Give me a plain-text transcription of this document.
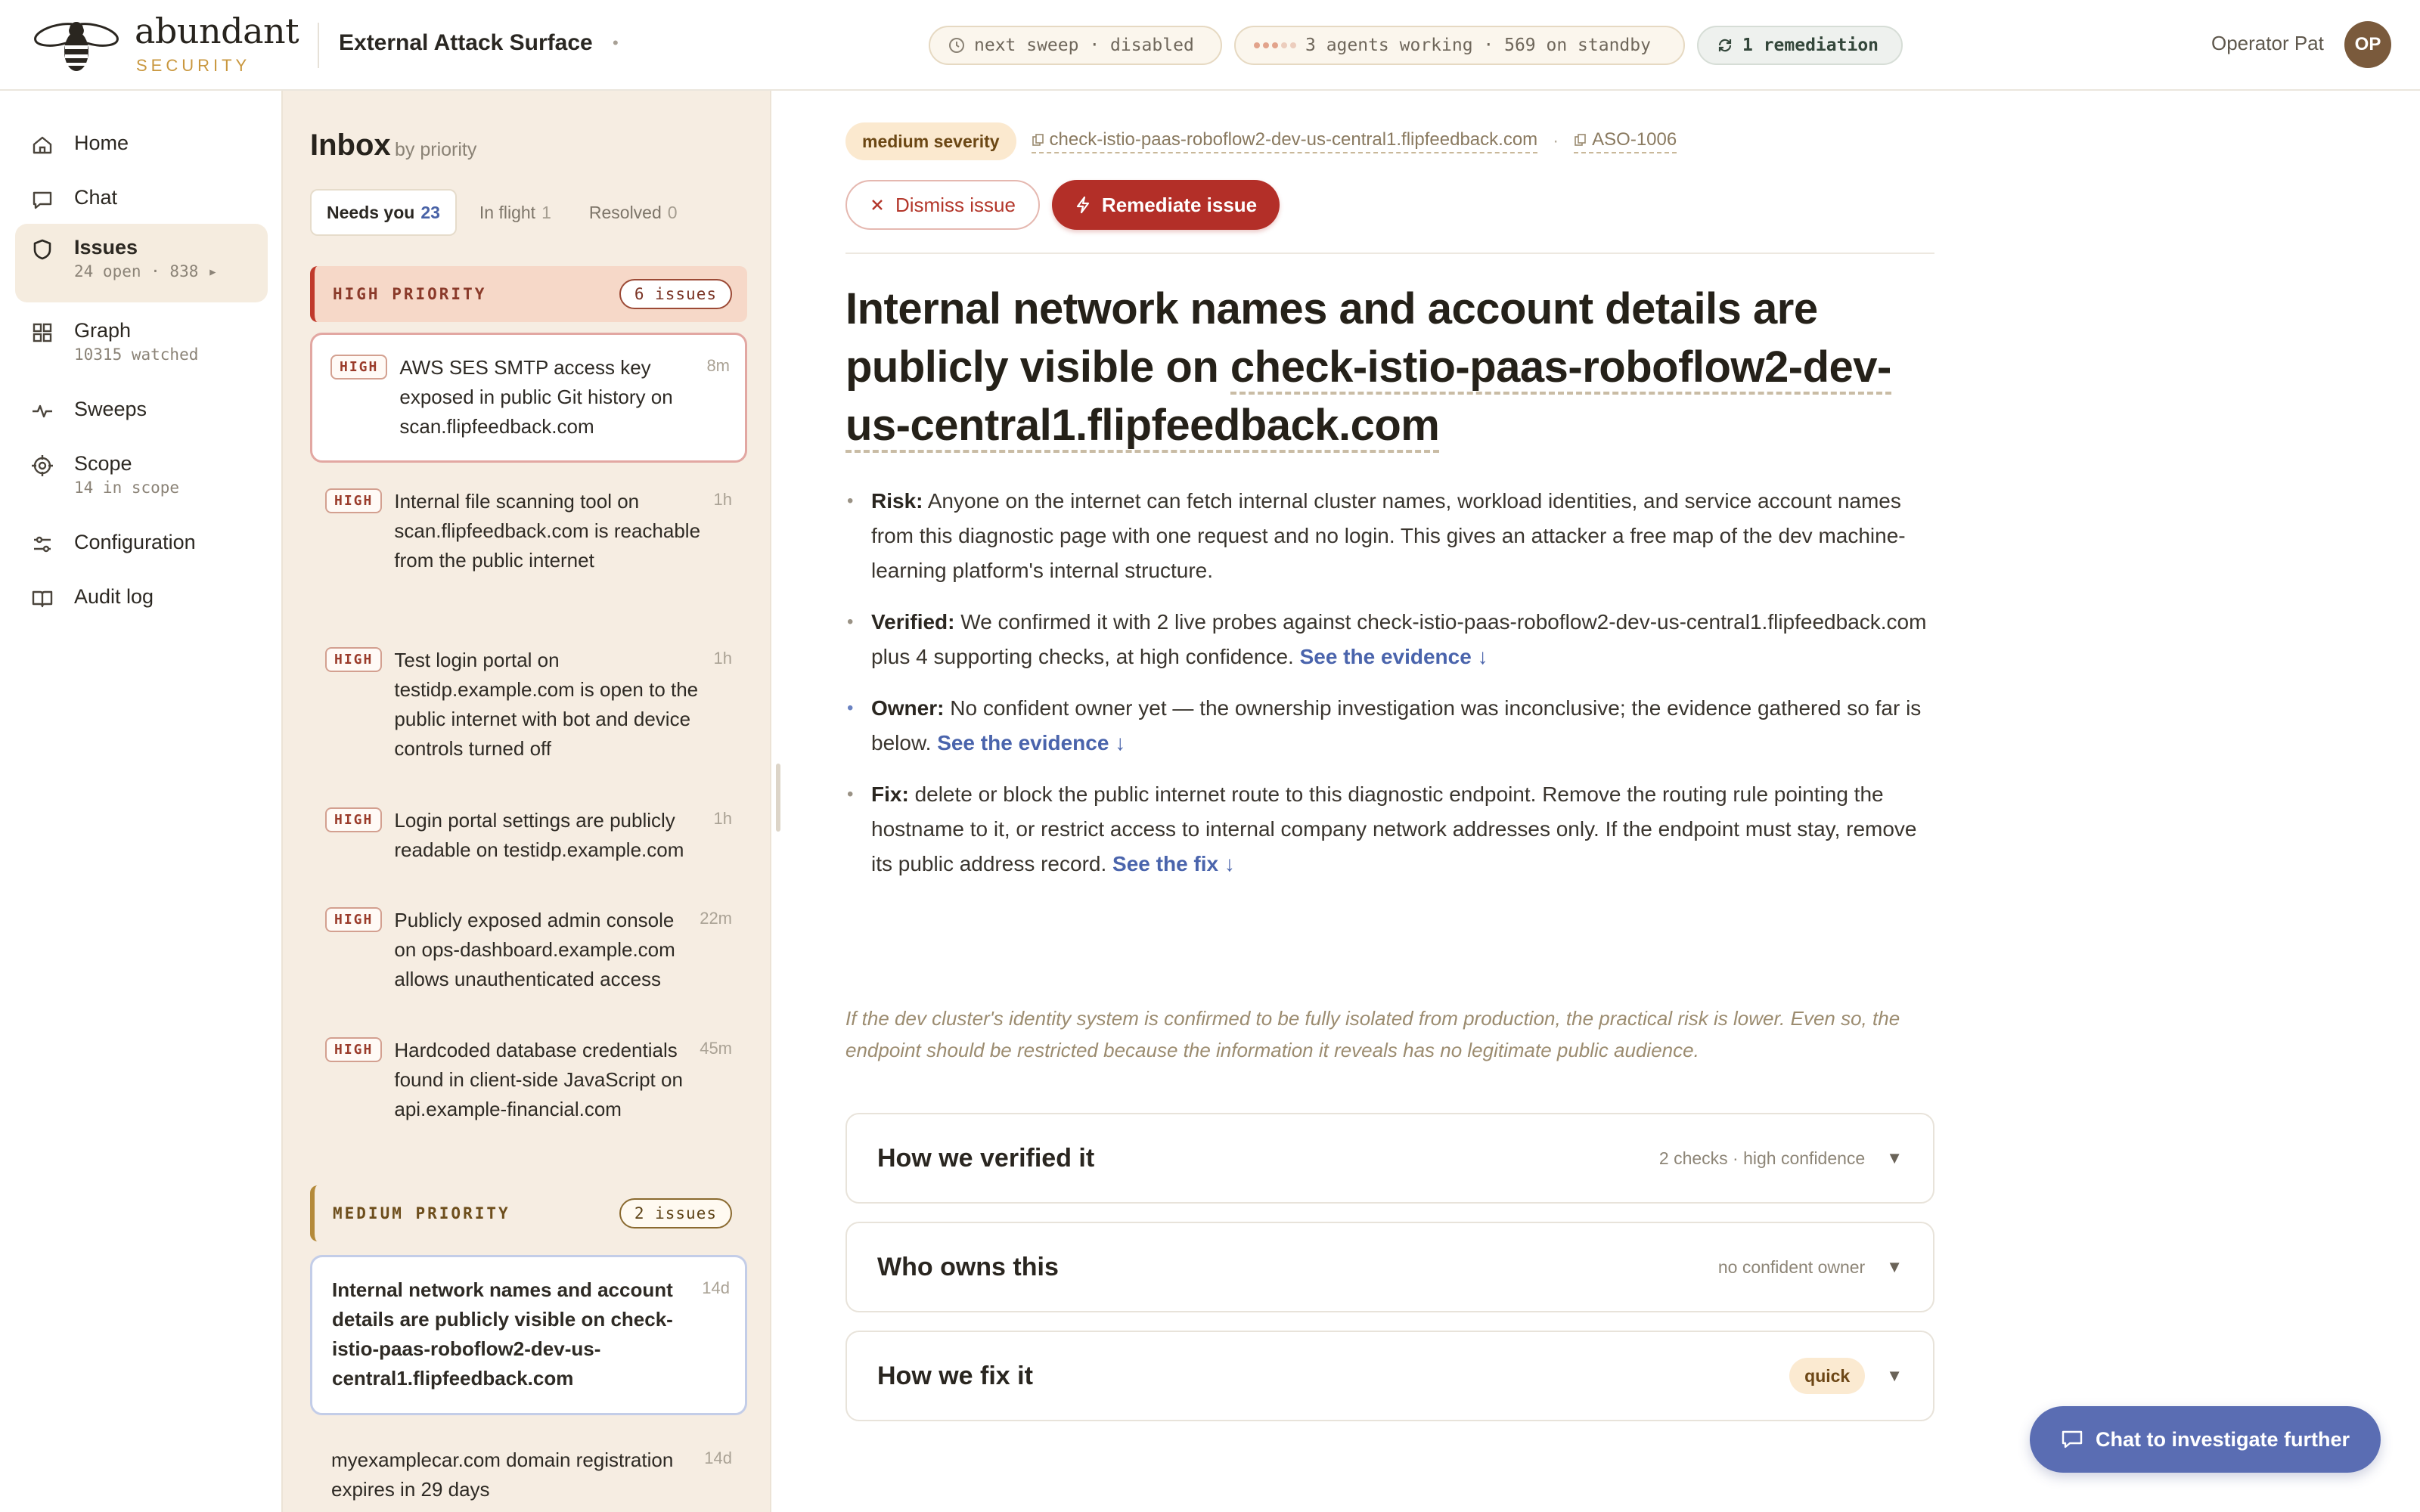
abundant
SECURITY
External Attack Surface •	next sweep · disabled	3 agents working · 569 on standby	1 remediation	Operator Pat	OP
Home
Chat
Issues
24 open · 838 ▸
Graph
10315 watched
Sweeps
Scope
14 in scope
Configuration
Audit log
Inbox by priority
Needs you 23 In flight 1 Resolved 0
HIGH PRIORITY	6 issues
HIGH	AWS SES SMTP access key exposed in public Git history on scan.flipfeedback.com
8m
HIGH	Internal file scanning tool on scan.flipfeedback.com is reachable from the public internet
1h
HIGH	Test login portal on testidp.example.com is open to the public internet with bot and device controls turned off
1h
HIGH	Login portal settings are publicly readable on testidp.example.com
1h
HIGH	Publicly exposed admin console on ops-dashboard.example.com allows unauthenticated access
22m
HIGH	Hardcoded database credentials found in client-side JavaScript on api.example-financial.com
45m
MEDIUM PRIORITY	2 issues
Internal network names and account details are publicly visible on check-istio-paas-roboflow2-dev-us-central1.flipfeedback.com
14d
myexamplecar.com domain registration expires in 29 days
14d
medium severity	check-istio-paas-roboflow2-dev-us-central1.flipfeedback.com ·	ASO-1006
Dismiss issue	Remediate issue
Internal network names and account details are publicly visible on check-istio-paas-roboflow2-dev-us-central1.flipfeedback.com
• Risk: Anyone on the internet can fetch internal cluster names, workload identities, and service account names from this diagnostic page with one request and no login. This gives an attacker a free map of the dev machine-learning platform's internal structure.
• Verified: We confirmed it with 2 live probes against check-istio-paas-roboflow2-dev-us-central1.flipfeedback.com plus 4 supporting checks, at high confidence. See the evidence ↓
• Owner: No confident owner yet — the ownership investigation was inconclusive; the evidence gathered so far is below. See the evidence ↓
• Fix: delete or block the public internet route to this diagnostic endpoint. Remove the routing rule pointing the hostname to it, or restrict access to internal company network addresses only. If the endpoint must stay, remove its public address record. See the fix ↓
If the dev cluster's identity system is confirmed to be fully isolated from production, the practical risk is lower. Even so, the endpoint should be restricted because the information it reveals has no legitimate public audience.
How we verified it	2 checks · high confidence ▼
Who owns this	no confident owner ▼
How we fix it	quick	▼
Chat to investigate further
